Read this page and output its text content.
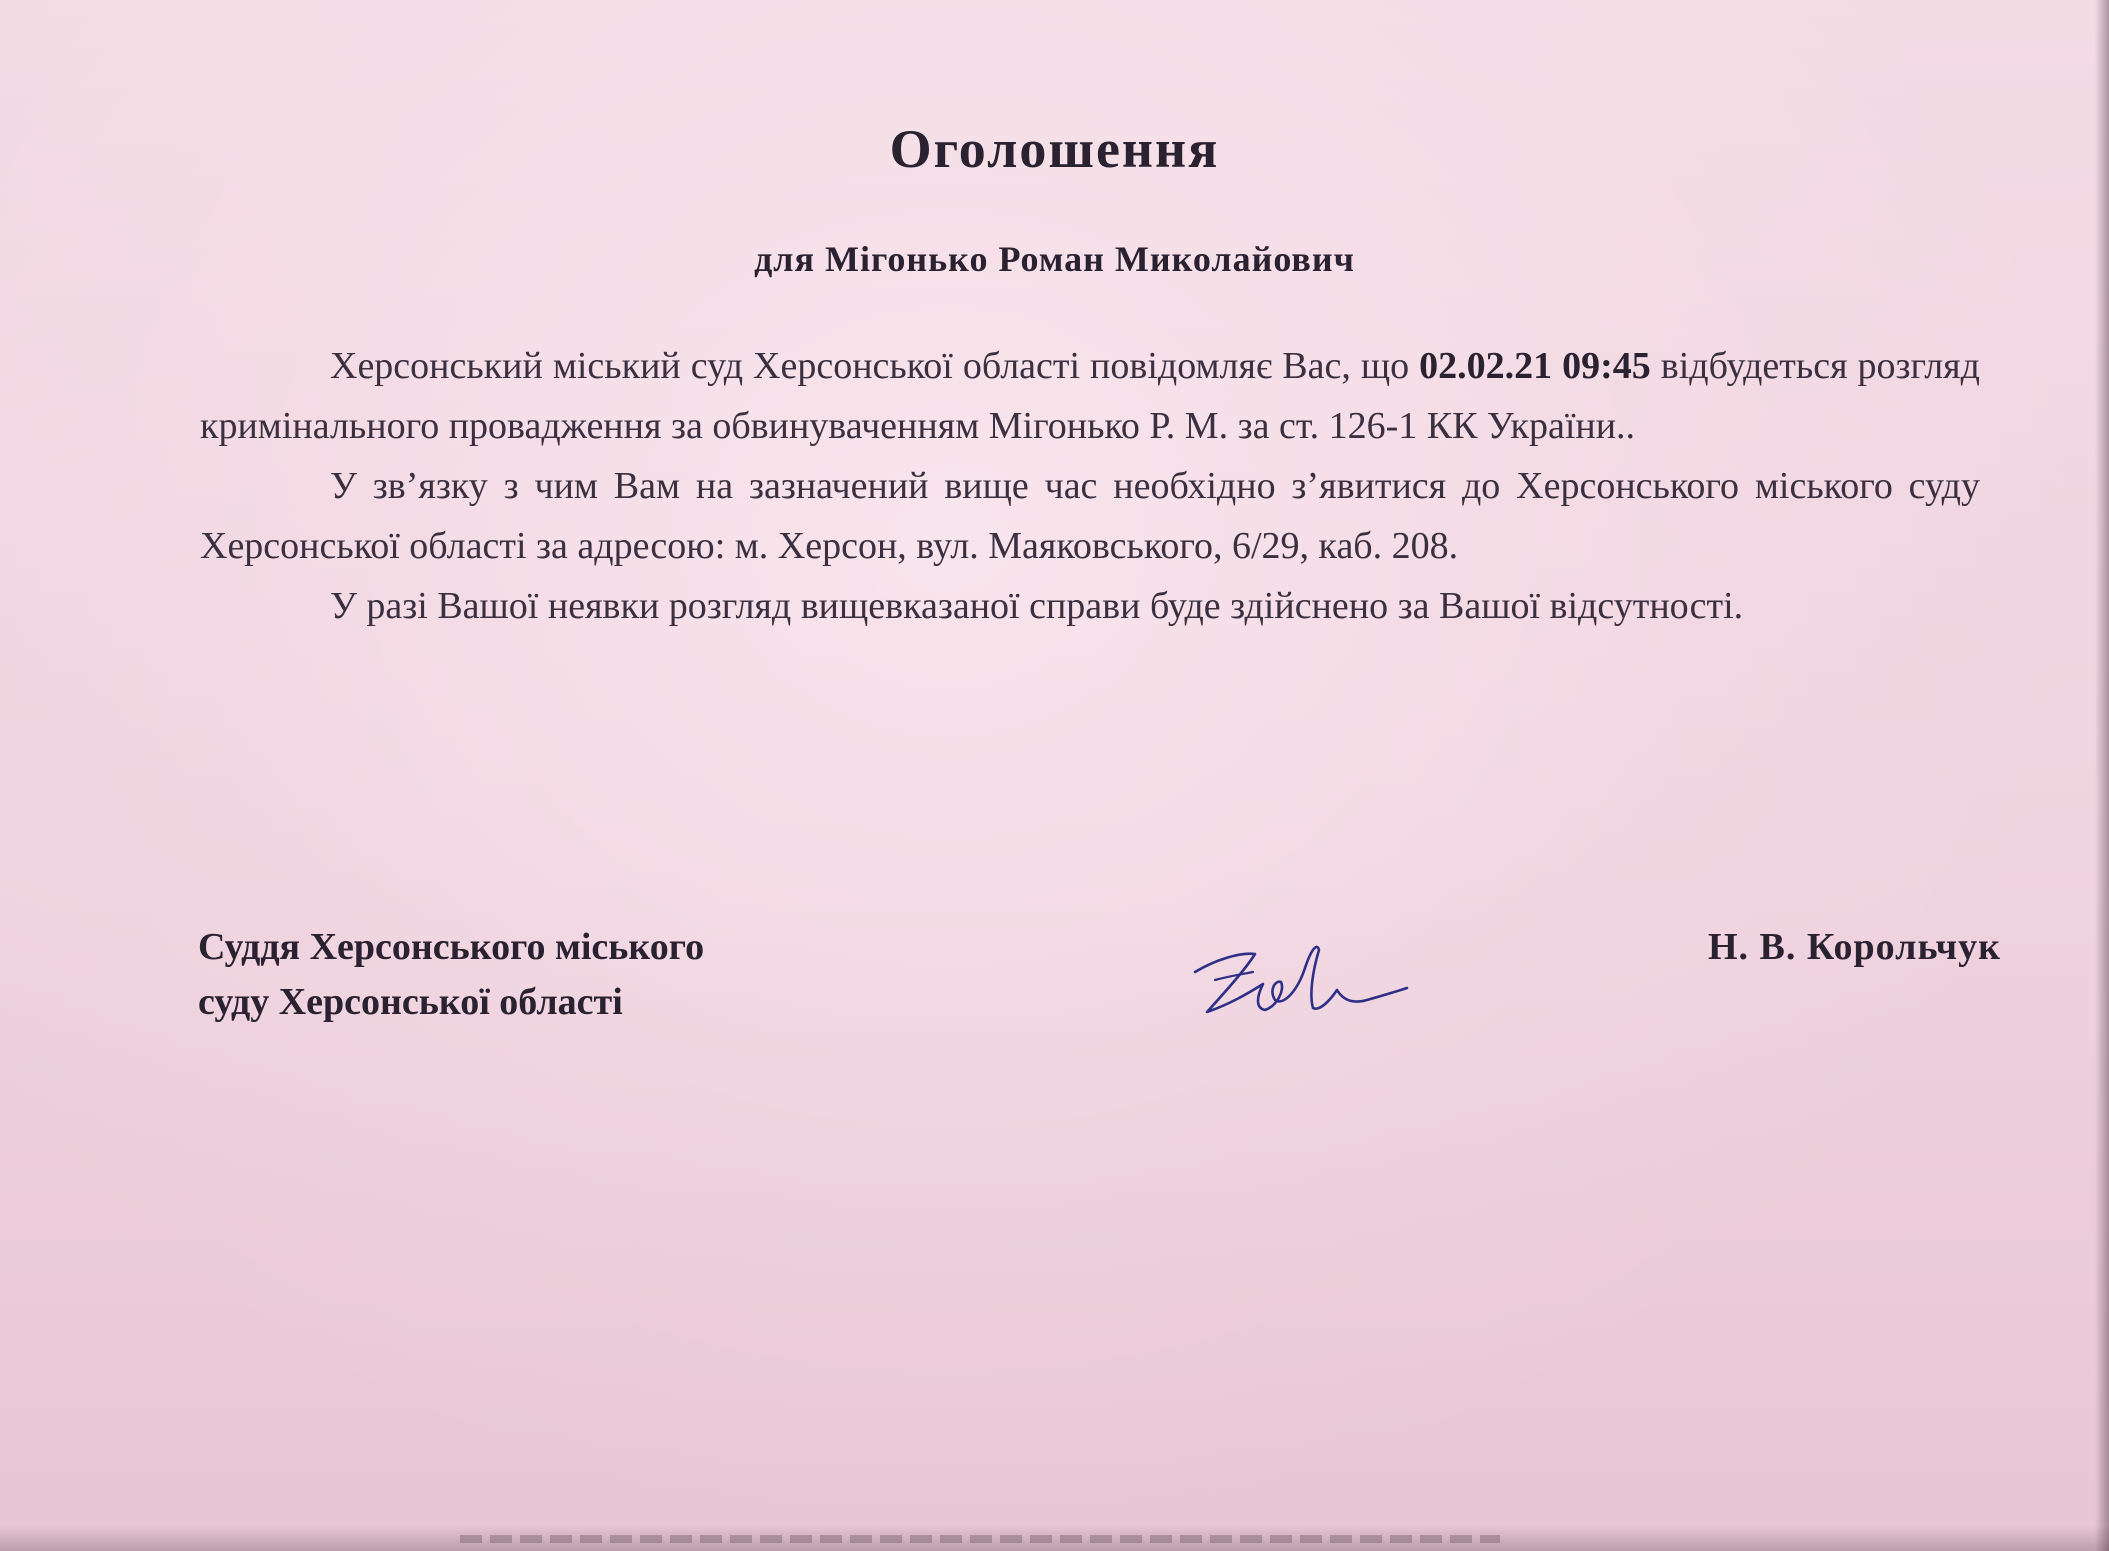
Оголошення
для Мігонько Роман Миколайович

Херсонський міський суд Херсонської області повідомляє Вас, що 02.02.21 09:45 відбудеться розгляд кримінального провадження за обвинуваченням Мігонько Р. М. за ст. 126-1 КК України..

У зв’язку з чим Вам на зазначений вище час необхідно з’явитися до Херсонського міського суду Херсонської області за адресою: м. Херсон, вул. Маяковського, 6/29, каб. 208.

У разі Вашої неявки розгляд вищевказаної справи буде здійснено за Вашої відсутності.

Суддя Херсонського міського
суду Херсонської області
Н. В. Корольчук
